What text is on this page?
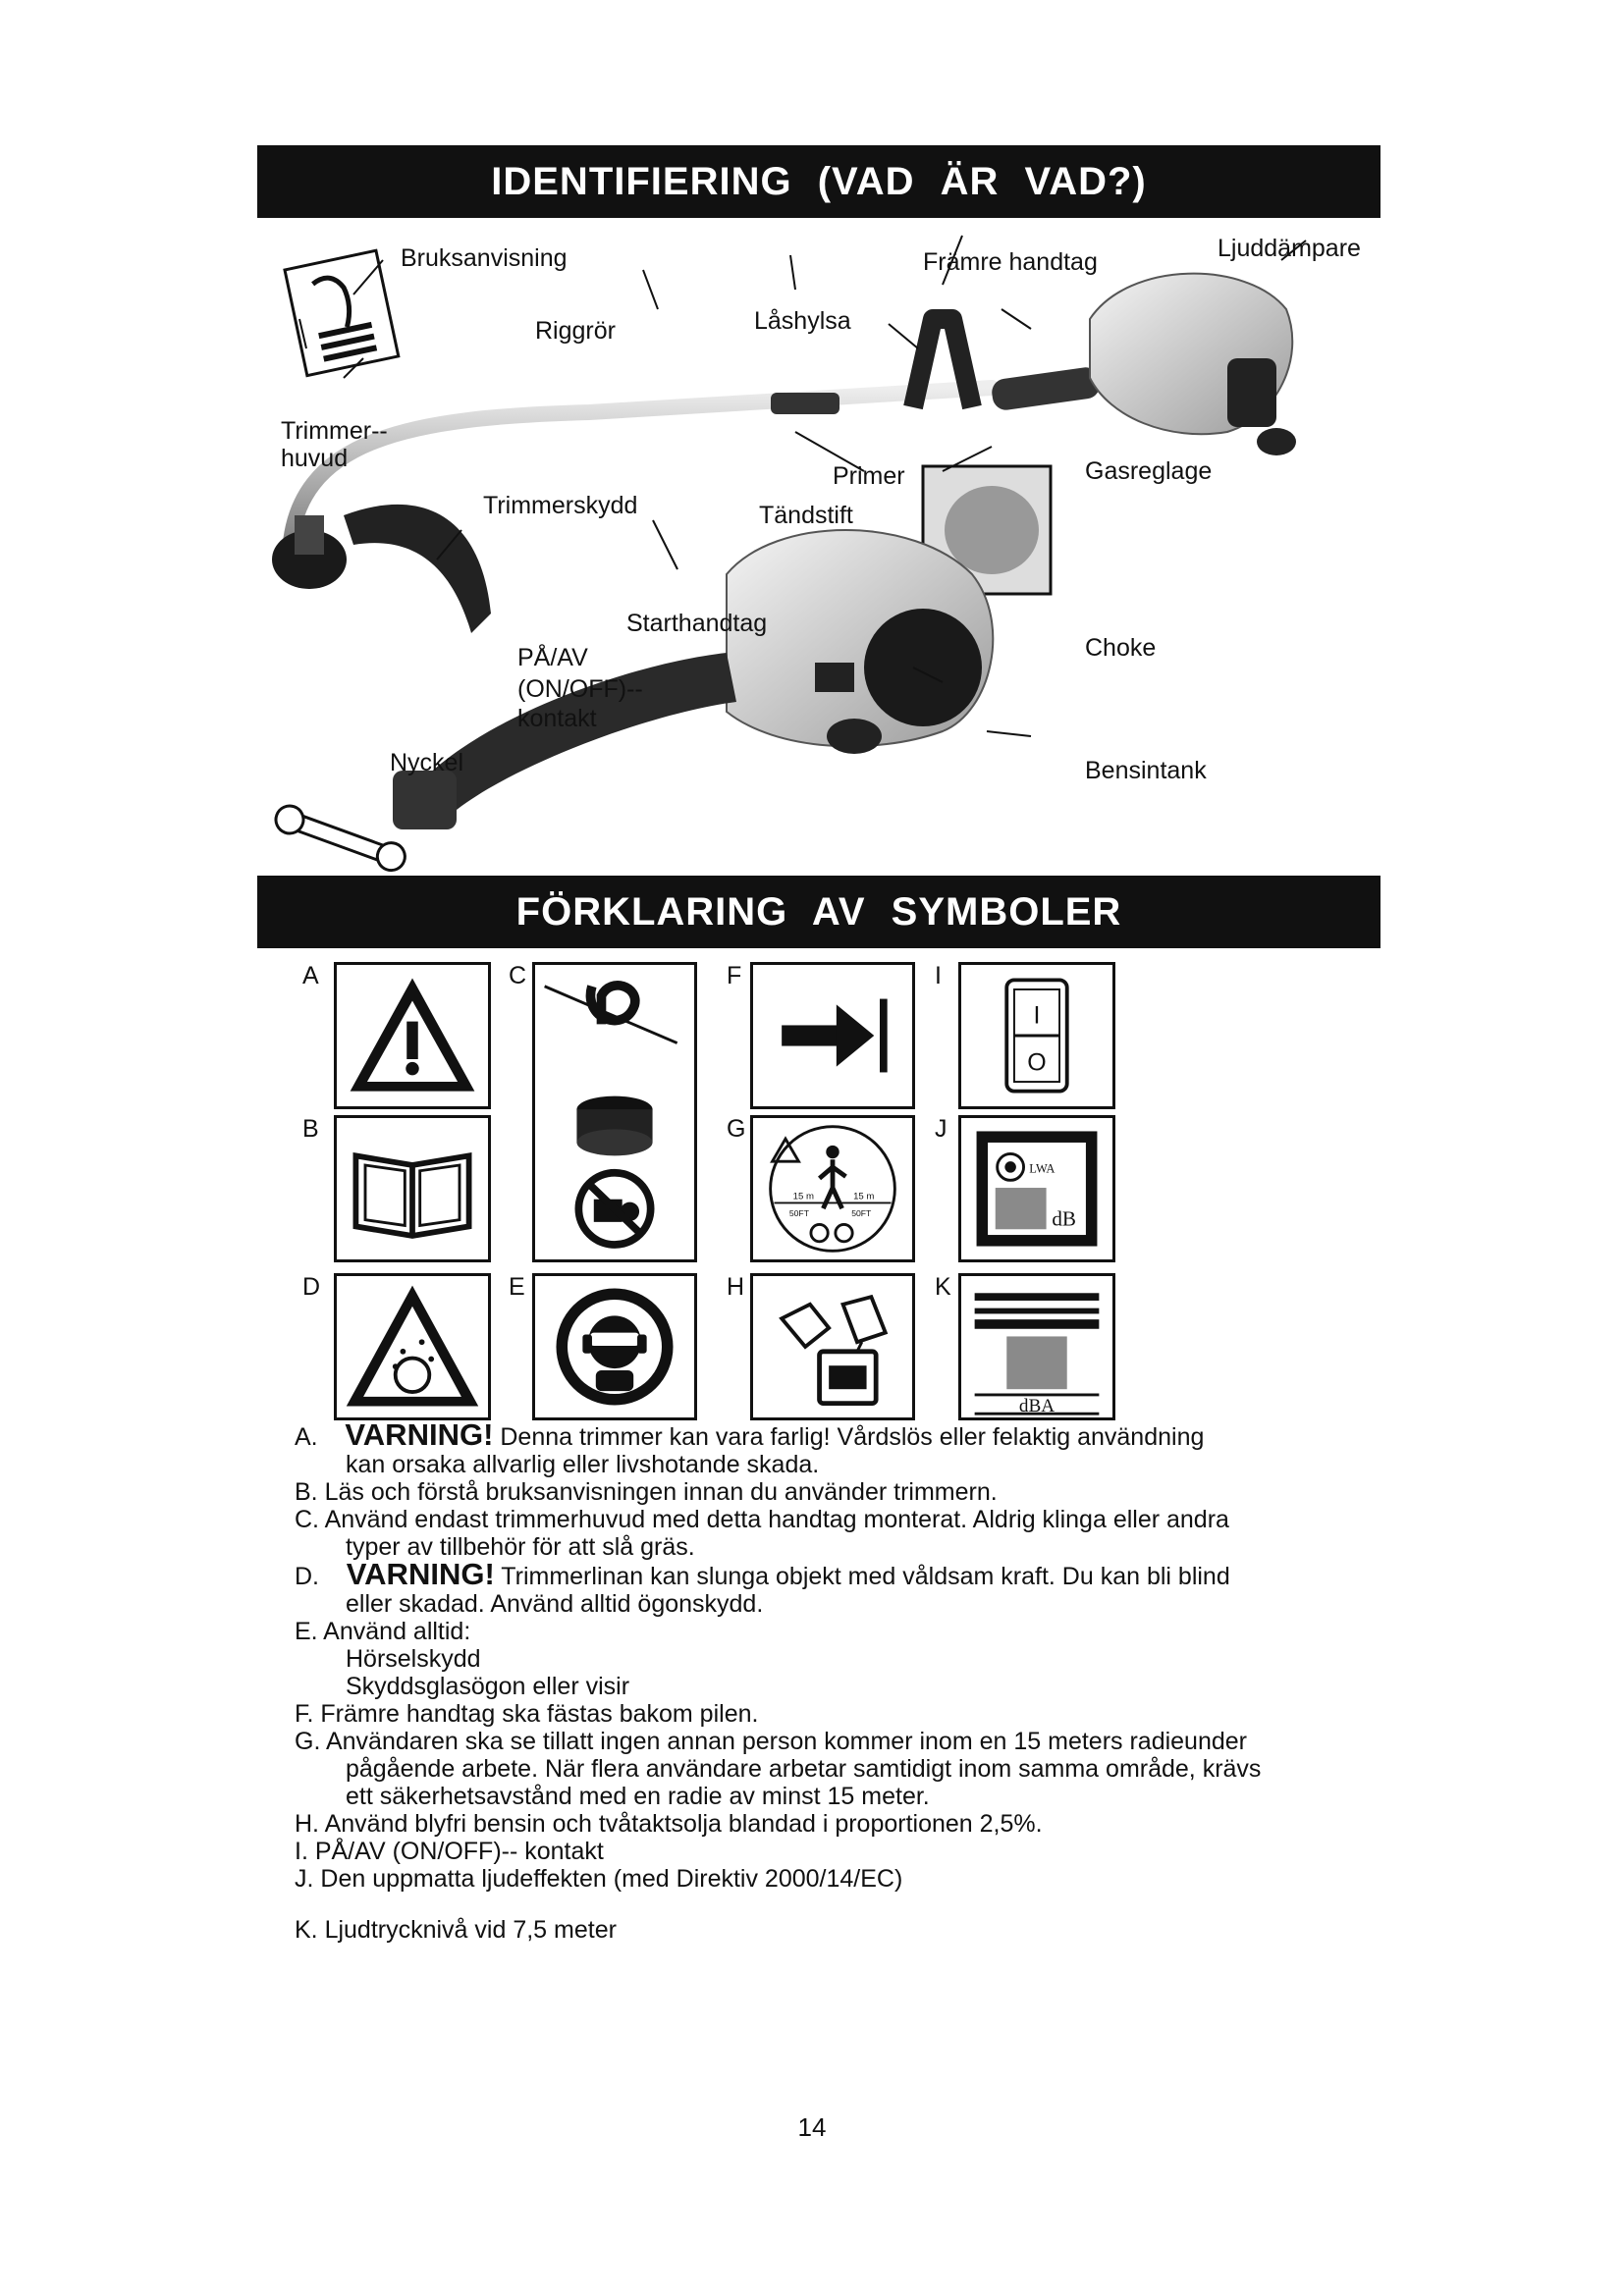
IDENTIFIERING (VAD ÄR VAD?)
Bruksanvisning
Riggrör	Låshylsa
Främre handtag	Ljuddämpare
Trimmer--
huvud
Trimmerskydd
Primer
Tändstift
Gasreglage
Starthandtag
PÅ/AV
(ON/OFF)--
kontakt
Choke
Nyckel	Bensintank
FÖRKLARING AV SYMBOLER
A
B
C
D	E
F
G
H
I
J
K
15 m	15 m
50FT	50FT
I
O
LWA
dB
dBA
A. VARNING! Denna trimmer kan vara farlig! Vårdslös eller felaktig användning
kan orsaka allvarlig eller livshotande skada.
B. Läs och förstå bruksanvisningen innan du använder trimmern.
C. Använd endast trimmerhuvud med detta handtag monterat. Aldrig klinga eller andra
typer av tillbehör för att slå gräs.
D. VARNING! Trimmerlinan kan slunga objekt med våldsam kraft. Du kan bli blind
eller skadad. Använd alltid ögonskydd.
E. Använd alltid:
Hörselskydd
Skyddsglasögon eller visir
F. Främre handtag ska fästas bakom pilen.
G. Användaren ska se tillatt ingen annan person kommer inom en 15 meters radieunder
pågående arbete. När flera användare arbetar samtidigt inom samma område, krävs
ett säkerhetsavstånd med en radie av minst 15 meter.
H. Använd blyfri bensin och tvåtaktsolja blandad i proportionen 2,5%.
I. PÅ/AV (ON/OFF)-- kontakt
J. Den uppmatta ljudeffekten (med Direktiv 2000/14/EC)
K. Ljudtrycknivå vid 7,5 meter
14
